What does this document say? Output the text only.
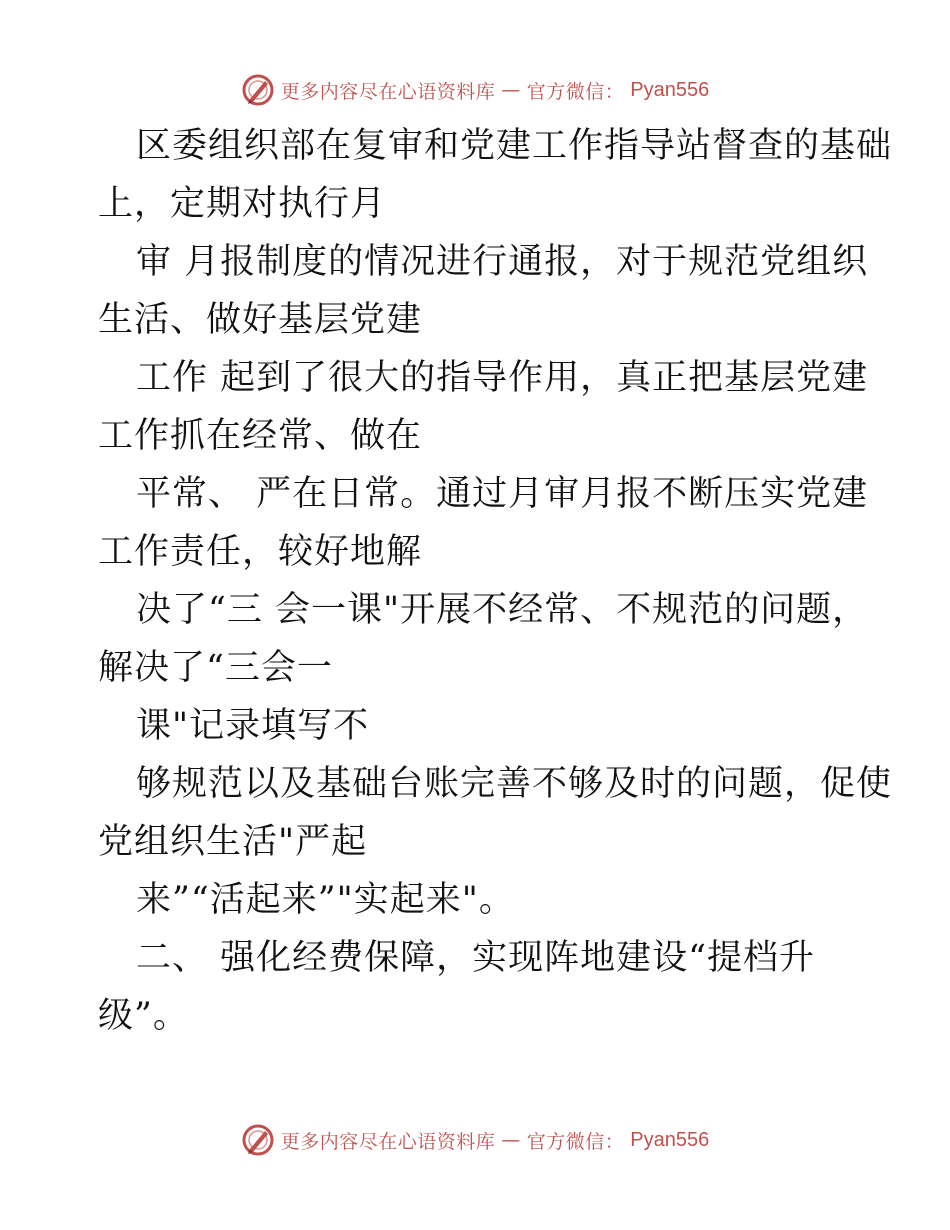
更多内容尽在心语资料库 — 官方微信： Pyan556
区委组织部在复审和党建工作指导站督查的基础
上，定期对执行月
审 月报制度的情况进行通报，对于规范党组织
生活、做好基层党建
工作 起到了很大的指导作用，真正把基层党建
工作抓在经常、做在
平常、 严在日常。通过月审月报不断压实党建
工作责任，较好地解
决了“三 会一课"开展不经常、不规范的问题，
解决了“三会一
课"记录填写不
够规范以及基础台账完善不够及时的问题，促使
党组织生活"严起
来”“活起来”"实起来"。
二、 强化经费保障，实现阵地建设“提档升
级”。
更多内容尽在心语资料库 — 官方微信： Pyan556
